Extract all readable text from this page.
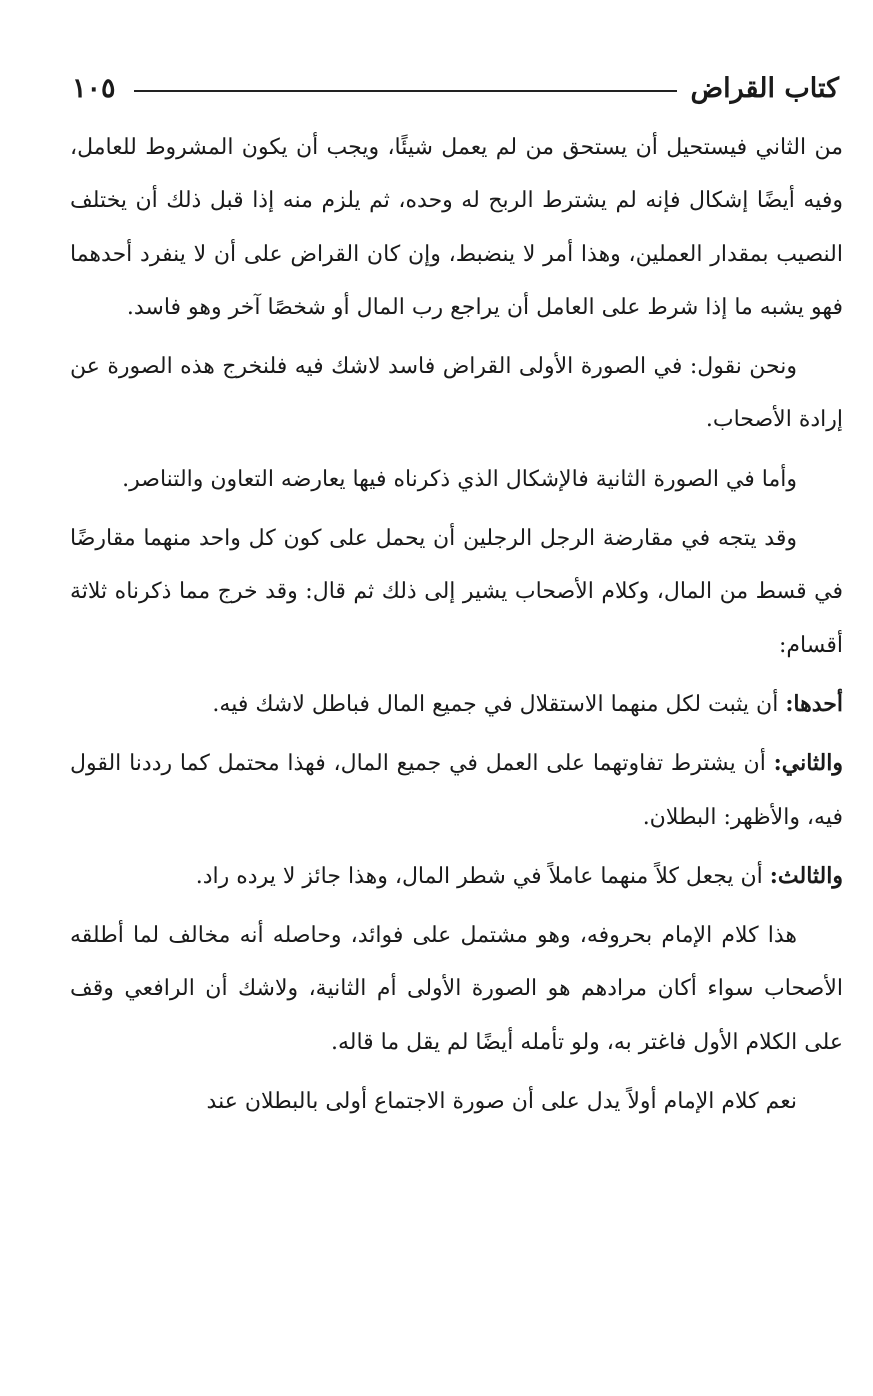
كتاب القراض
١٠٥

من الثاني فيستحيل أن يستحق من لم يعمل شيئًا، ويجب أن يكون المشروط للعامل، وفيه أيضًا إشكال فإنه لم يشترط الربح له وحده، ثم يلزم منه إذا قبل ذلك أن يختلف النصيب بمقدار العملين، وهذا أمر لا ينضبط، وإن كان القراض على أن لا ينفرد أحدهما فهو يشبه ما إذا شرط على العامل أن يراجع رب المال أو شخصًا آخر وهو فاسد.

ونحن نقول: في الصورة الأولى القراض فاسد لاشك فيه فلنخرج هذه الصورة عن إرادة الأصحاب.

وأما في الصورة الثانية فالإشكال الذي ذكرناه فيها يعارضه التعاون والتناصر.

وقد يتجه في مقارضة الرجل الرجلين أن يحمل على كون كل واحد منهما مقارضًا في قسط من المال، وكلام الأصحاب يشير إلى ذلك ثم قال: وقد خرج مما ذكرناه ثلاثة أقسام:

أحدها: أن يثبت لكل منهما الاستقلال في جميع المال فباطل لاشك فيه.

والثاني: أن يشترط تفاوتهما على العمل في جميع المال، فهذا محتمل كما رددنا القول فيه، والأظهر: البطلان.

والثالث: أن يجعل كلاً منهما عاملاً في شطر المال، وهذا جائز لا يرده راد.

هذا كلام الإمام بحروفه، وهو مشتمل على فوائد، وحاصله أنه مخالف لما أطلقه الأصحاب سواء أكان مرادهم هو الصورة الأولى أم الثانية، ولاشك أن الرافعي وقف على الكلام الأول فاغتر به، ولو تأمله أيضًا لم يقل ما قاله.

نعم كلام الإمام أولاً يدل على أن صورة الاجتماع أولى بالبطلان عند
